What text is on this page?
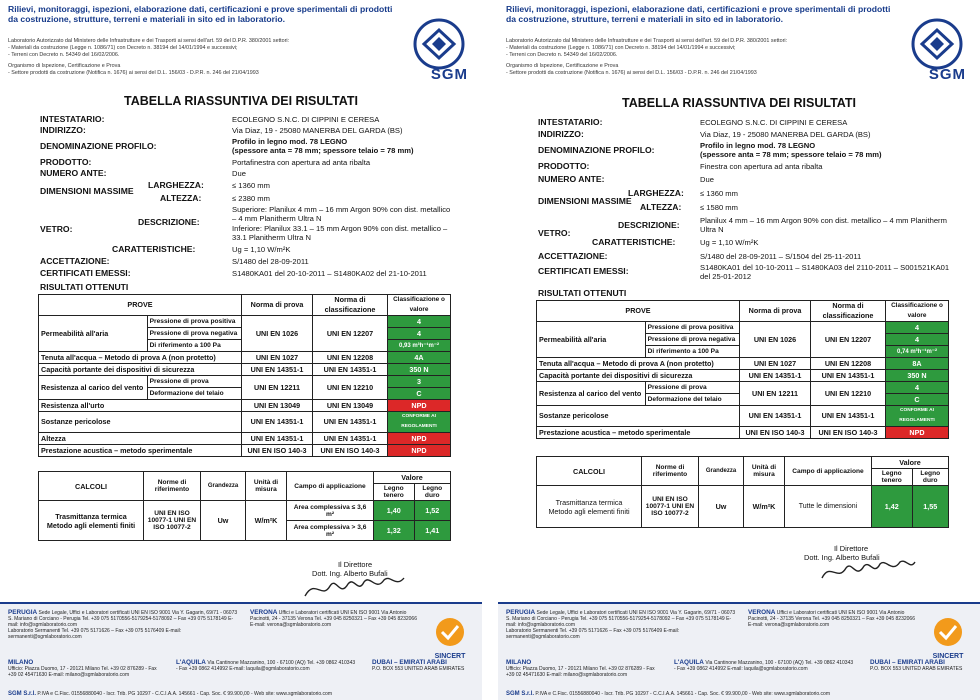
Rilievi, monitoraggi, ispezioni, elaborazione dati, certificazioni e prove sperimentali di prodotti da costruzione, strutture, terreni e materiali in sito ed in laboratorio.
Laboratorio Autorizzato dal Ministero delle Infrastrutture e dei Trasporti ai sensi dell'art. 59 del D.P.R. 380/2001 settori:
- Materiali da costruzione (Legge n. 1086/71) con Decreto n. 38194 del 14/01/1994 e successivi;
- Terreni con Decreto n. 54349 del 16/02/2006.
Organismo di Ispezione, Certificazione e Prova
- Settore prodotti da costruzione (Notifica n. 1676) ai sensi del D.L. 156/03 - D.P.R. n. 246 del 21/04/1993	SGM
TABELLA RIASSUNTIVA DEI RISULTATI
INTESTATARIO:	ECOLEGNO S.N.C. DI CIPPINI E CERESA
INDIRIZZO:	Via Diaz, 19 - 25080 MANERBA DEL GARDA (BS)
DENOMINAZIONE PROFILO:	Profilo in legno mod. 78 LEGNO
(spessore anta = 78 mm; spessore telaio = 78 mm)
PRODOTTO:	Portafinestra con apertura ad anta ribalta
NUMERO ANTE:	Due
DIMENSIONI MASSIME
LARGHEZZA:	≤ 1360 mm
ALTEZZA:	≤ 2380 mm
VETRO:
DESCRIZIONE:
Superiore: Planilux 4 mm – 16 mm Argon 90% con dist. metallico – 4 mm Planitherm Ultra N
Inferiore: Planilux 33.1 – 15 mm Argon 90% con dist. metallico – 33.1 Planitherm Ultra N
CARATTERISTICHE:	Ug = 1,10 W/m²K
ACCETTAZIONE:	S/1480 del 28-09-2011
CERTIFICATI EMESSI:	S1480KA01 del 20-10-2011 – S1480KA02 del 21-10-2011
RISULTATI OTTENUTI
PROVE		Norma di prova	Norma di classificazione	Classificazione o valore
Permeabilità all'aria	Pressione di prova positiva	UNI EN 1026	UNI EN 12207	4
	Pressione di prova negativa			4
	Di riferimento a 100 Pa			0,93 m³h⁻¹m⁻²
Tenuta all'acqua – Metodo di prova A (non protetto)		UNI EN 1027	UNI EN 12208	4A
Capacità portante dei dispositivi di sicurezza		UNI EN 14351-1	UNI EN 14351-1	350 N
Resistenza al carico del vento	Pressione di prova	UNI EN 12211	UNI EN 12210	3
	Deformazione del telaio			C
Resistenza all'urto		UNI EN 13049	UNI EN 13049	NPD
Sostanze pericolose		UNI EN 14351-1	UNI EN 14351-1	CONFORME AI REGOLAMENTI
Altezza		UNI EN 14351-1	UNI EN 14351-1	NPD
Prestazione acustica – metodo sperimentale		UNI EN ISO 140-3	UNI EN ISO 140-3	NPD
CALCOLI	Norme di riferimento	Grandezza	Unità di misura	Campo di applicazione	Valore	
					Legno tenero	Legno duro

Trasmittanza termica
Metodo agli elementi finiti	UNI EN ISO 10077-1 UNI EN ISO 10077-2	Uw	W/m²K	Area complessiva ≤ 3,6 m²	1,40	1,52
				Area complessiva > 3,6 m²	1,32	1,41
Il Direttore
Dott. Ing. Alberto Bufali
PERUGIA Sede Legale, Uffici e Laboratori certificati UNI EN ISO 9001 Via Y. Gagarin, 69/71 - 06073 S. Mariano di Corciano - Perugia Tel. +39 075 5170556-5179254-5178092 – Fax +39 075 5178149 E-mail: info@sgmlaboratorio.com
Laboratorio Sermanenti Tel. +39 075 5171626 – Fax +39 075 5176409 E-mail: sermanenti@sgmlaboratorio.com
VERONA Uffici e Laboratori certificati UNI EN ISO 9001 Via Antonio Pacinotti, 24 - 37135 Verona Tel. +39 045 8250321 – Fax +39 045 8232066 E-mail: verona@sgmlaboratorio.com
MILANO
Ufficio: Piazza Duomo, 17 - 20121 Milano Tel. +39 02 876289 - Fax +39 02 45471630 E-mail: milano@sgmlaboratorio.com
L'AQUILA Via Cantinone Mazzanino, 100 - 67100 (AQ) Tel. +39 0862 410343 - Fax +39 0862 414992 E-mail: laquila@sgmlaboratorio.com
DUBAI – EMIRATI ARABI
P.O. BOX 553 UNITED ARAB EMIRATES
SINCERT
SGM S.r.l. P.IVA e C.Fisc. 01556880040 - Iscr. Trib. PG 10297 - C.C.I.A.A. 145661 - Cap. Soc. € 99.900,00 - Web site: www.sgmlaboratorio.com
Rilievi, monitoraggi, ispezioni, elaborazione dati, certificazioni e prove sperimentali di prodotti da costruzione, strutture, terreni e materiali in sito ed in laboratorio.
Laboratorio Autorizzato dal Ministero delle Infrastrutture e dei Trasporti ai sensi dell'art. 59 del D.P.R. 380/2001 settori:
- Materiali da costruzione (Legge n. 1086/71) con Decreto n. 38194 del 14/01/1994 e successivi;
- Terreni con Decreto n. 54349 del 16/02/2006.
Organismo di Ispezione, Certificazione e Prova
- Settore prodotti da costruzione (Notifica n. 1676) ai sensi del D.L. 156/03 - D.P.R. n. 246 del 21/04/1993	SGM
TABELLA RIASSUNTIVA DEI RISULTATI
INTESTATARIO:	ECOLEGNO S.N.C. DI CIPPINI E CERESA
INDIRIZZO:	Via Diaz, 19 - 25080 MANERBA DEL GARDA (BS)
DENOMINAZIONE PROFILO:	Profilo in legno mod. 78 LEGNO
(spessore anta = 78 mm; spessore telaio = 78 mm)
PRODOTTO:	Finestra con apertura ad anta ribalta
NUMERO ANTE:	Due
DIMENSIONI MASSIME
LARGHEZZA: ≤ 1360 mm
ALTEZZA: ≤ 1580 mm
VETRO:
DESCRIZIONE:	Planilux 4 mm – 16 mm Argon 90% con dist. metallico – 4 mm Planitherm Ultra N
CARATTERISTICHE:	Ug = 1,10 W/m²K
ACCETTAZIONE:	S/1480 del 28-09-2011 – S/1504 del 25-11-2011
CERTIFICATI EMESSI:	S1480KA01 del 10-10-2011 – S1480KA03 del 2110-2011 – S001521KA01 del 25-01-2012
RISULTATI OTTENUTI
PROVE		Norma di prova	Norma di classificazione	Classificazione o valore
Permeabilità all'aria	Pressione di prova positiva	UNI EN 1026	UNI EN 12207	4
	Pressione di prova negativa			4
	Di riferimento a 100 Pa			0,74 m³h⁻¹m⁻²
Tenuta all'acqua – Metodo di prova A (non protetto)		UNI EN 1027	UNI EN 12208	8A
Capacità portante dei dispositivi di sicurezza		UNI EN 14351-1	UNI EN 14351-1	350 N
Resistenza al carico del vento	Pressione di prova	UNI EN 12211	UNI EN 12210	4
	Deformazione del telaio			C
Sostanze pericolose		UNI EN 14351-1	UNI EN 14351-1	CONFORME AI REGOLAMENTI
Prestazione acustica – metodo sperimentale		UNI EN ISO 140-3	UNI EN ISO 140-3	NPD
CALCOLI	Norme di riferimento	Grandezza	Unità di misura	Campo di applicazione	Valore	
					Legno tenero	Legno duro

Trasmittanza termica
Metodo agli elementi finiti	UNI EN ISO 10077-1 UNI EN ISO 10077-2	Uw	W/m²K	Tutte le dimensioni	1,42	1,55
Il Direttore
Dott. Ing. Alberto Bufali
PERUGIA Sede Legale, Uffici e Laboratori certificati UNI EN ISO 9001 Via Y. Gagarin, 69/71 - 06073 S. Mariano di Corciano - Perugia Tel. +39 075 5170556-5179254-5178092 – Fax +39 075 5178149 E-mail: info@sgmlaboratorio.com
Laboratorio Sermanenti Tel. +39 075 5171626 – Fax +39 075 5176409 E-mail: sermanenti@sgmlaboratorio.com
VERONA Uffici e Laboratori certificati UNI EN ISO 9001 Via Antonio Pacinotti, 24 - 37135 Verona Tel. +39 045 8250321 – Fax +39 045 8232066 E-mail: verona@sgmlaboratorio.com
MILANO
Ufficio: Piazza Duomo, 17 - 20121 Milano Tel. +39 02 876289 - Fax +39 02 45471630 E-mail: milano@sgmlaboratorio.com
L'AQUILA Via Cantinone Mazzanino, 100 - 67100 (AQ) Tel. +39 0862 410343 - Fax +39 0862 414992 E-mail: laquila@sgmlaboratorio.com
DUBAI – EMIRATI ARABI
P.O. BOX 553 UNITED ARAB EMIRATES
SINCERT
SGM S.r.l. P.IVA e C.Fisc. 01556880040 - Iscr. Trib. PG 10297 - C.C.I.A.A. 145661 - Cap. Soc. € 99.900,00 - Web site: www.sgmlaboratorio.com
